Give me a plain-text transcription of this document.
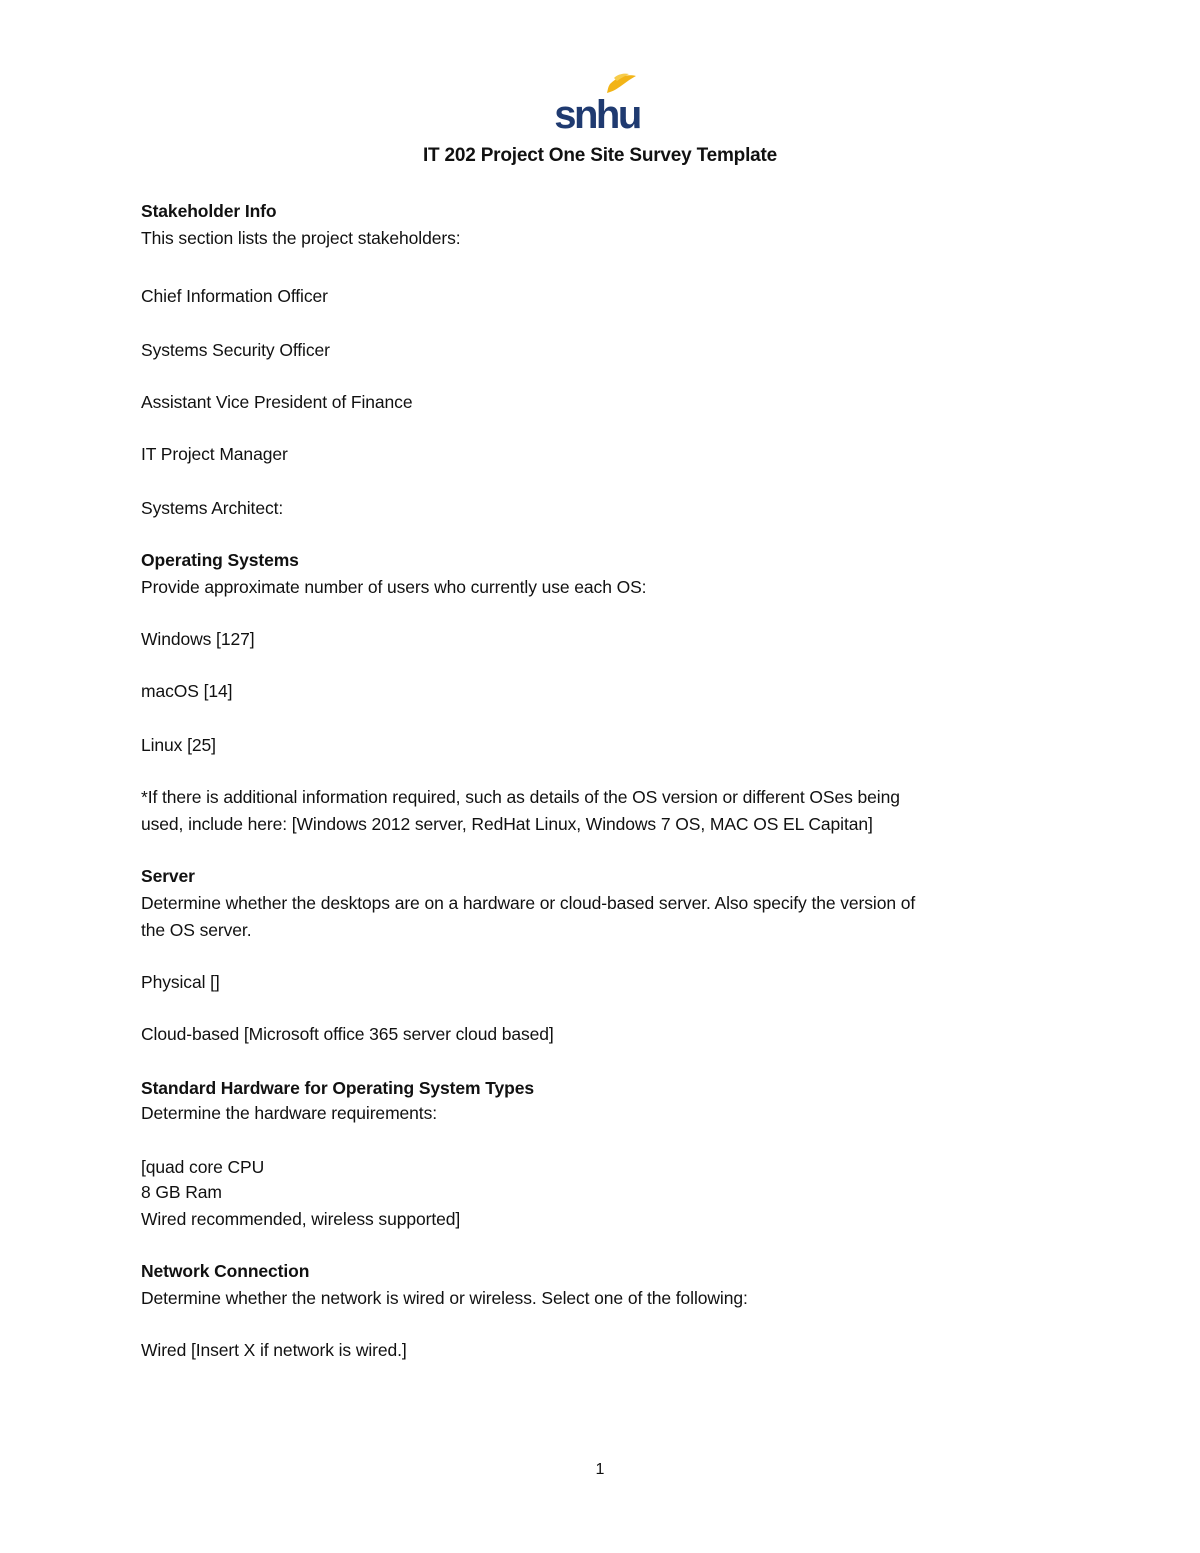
snhu
IT 202 Project One Site Survey Template
Stakeholder Info
This section lists the project stakeholders:
Chief Information Officer
Systems Security Officer
Assistant Vice President of Finance
IT Project Manager
Systems Architect:
Operating Systems
Provide approximate number of users who currently use each OS:
Windows [127]
macOS [14]
Linux [25]
*If there is additional information required, such as details of the OS version or different OSes being
used, include here: [Windows 2012 server, RedHat Linux, Windows 7 OS, MAC OS EL Capitan]
Server
Determine whether the desktops are on a hardware or cloud-based server. Also specify the version of
the OS server.
Physical []
Cloud-based [Microsoft office 365 server cloud based]
Standard Hardware for Operating System Types
Determine the hardware requirements:
[quad core CPU
8 GB Ram
Wired recommended, wireless supported]
Network Connection
Determine whether the network is wired or wireless. Select one of the following:
Wired [Insert X if network is wired.]
1
